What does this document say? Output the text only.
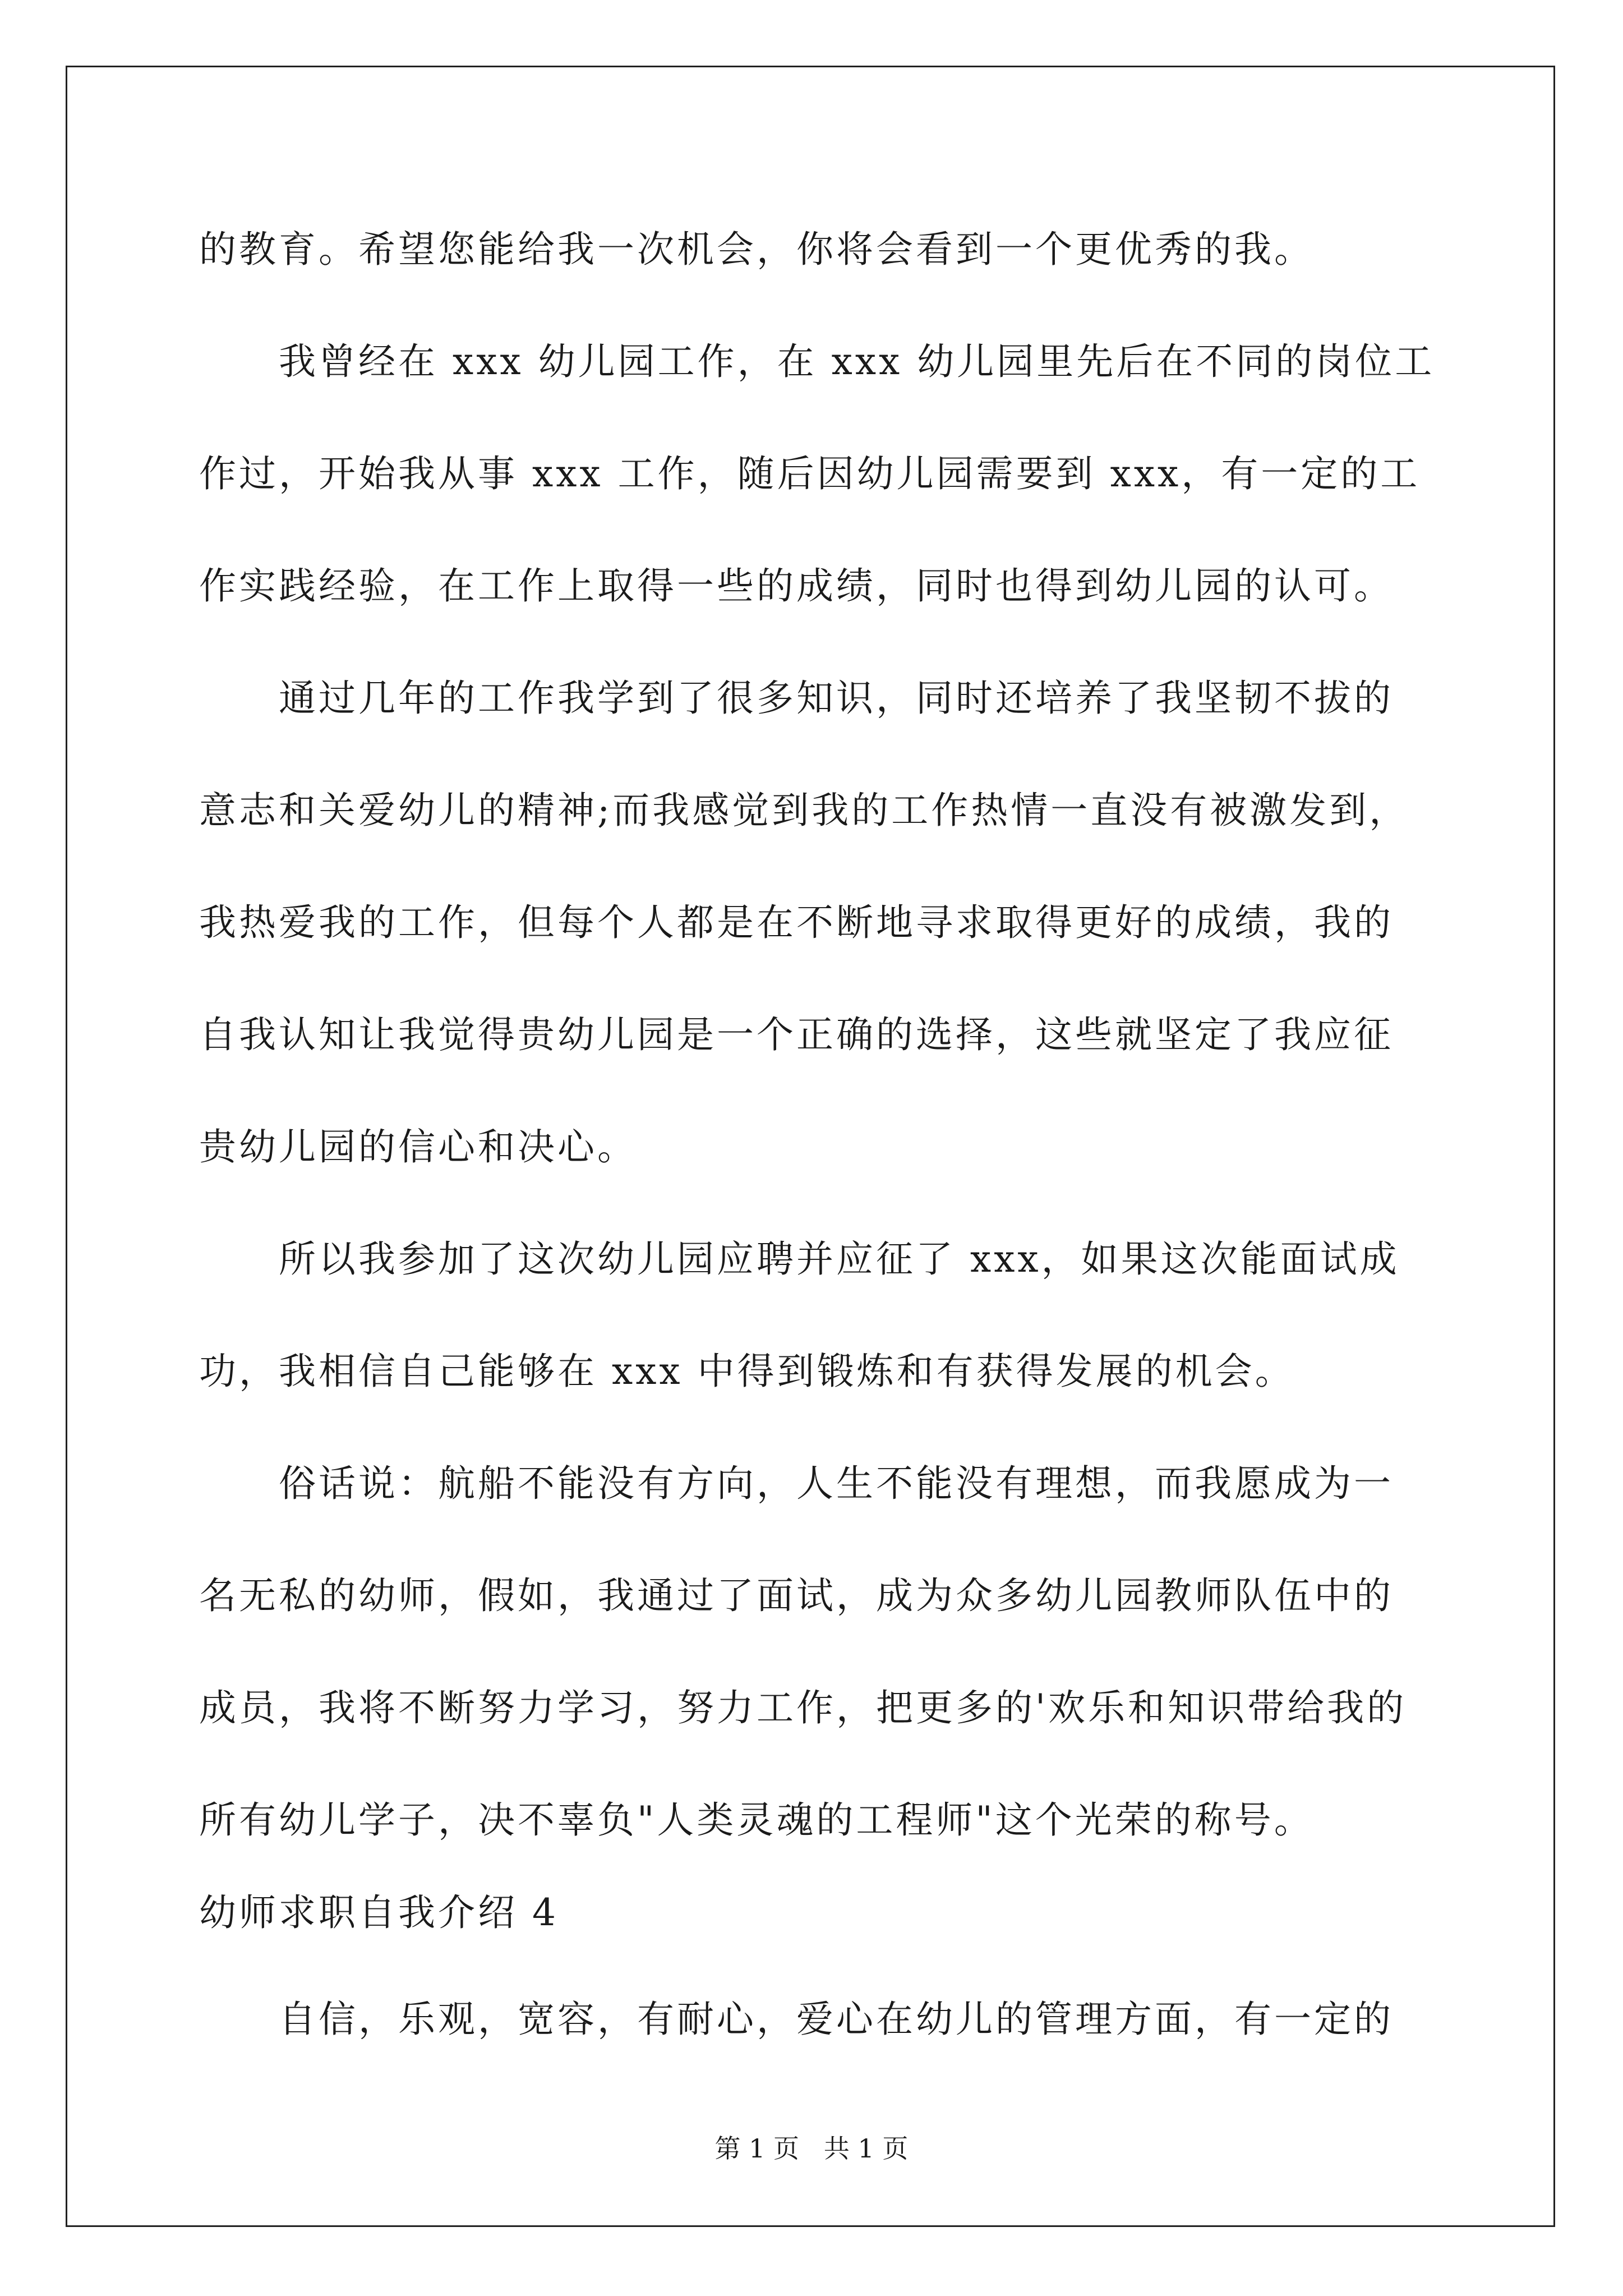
的教育。希望您能给我一次机会，你将会看到一个更优秀的我。
我曾经在 xxx 幼儿园工作，在 xxx 幼儿园里先后在不同的岗位工
作过，开始我从事 xxx 工作，随后因幼儿园需要到 xxx，有一定的工
作实践经验，在工作上取得一些的成绩，同时也得到幼儿园的认可。
通过几年的工作我学到了很多知识，同时还培养了我坚韧不拔的
意志和关爱幼儿的精神;而我感觉到我的工作热情一直没有被激发到，
我热爱我的工作，但每个人都是在不断地寻求取得更好的成绩，我的
自我认知让我觉得贵幼儿园是一个正确的选择，这些就坚定了我应征
贵幼儿园的信心和决心。
所以我参加了这次幼儿园应聘并应征了 xxx，如果这次能面试成
功，我相信自己能够在 xxx 中得到锻炼和有获得发展的机会。
俗话说：航船不能没有方向，人生不能没有理想，而我愿成为一
名无私的幼师，假如，我通过了面试，成为众多幼儿园教师队伍中的
成员，我将不断努力学习，努力工作，把更多的'欢乐和知识带给我的
所有幼儿学子，决不辜负"人类灵魂的工程师"这个光荣的称号。
幼师求职自我介绍 4
自信，乐观，宽容，有耐心，爱心在幼儿的管理方面，有一定的
第 1 页   共 1 页
